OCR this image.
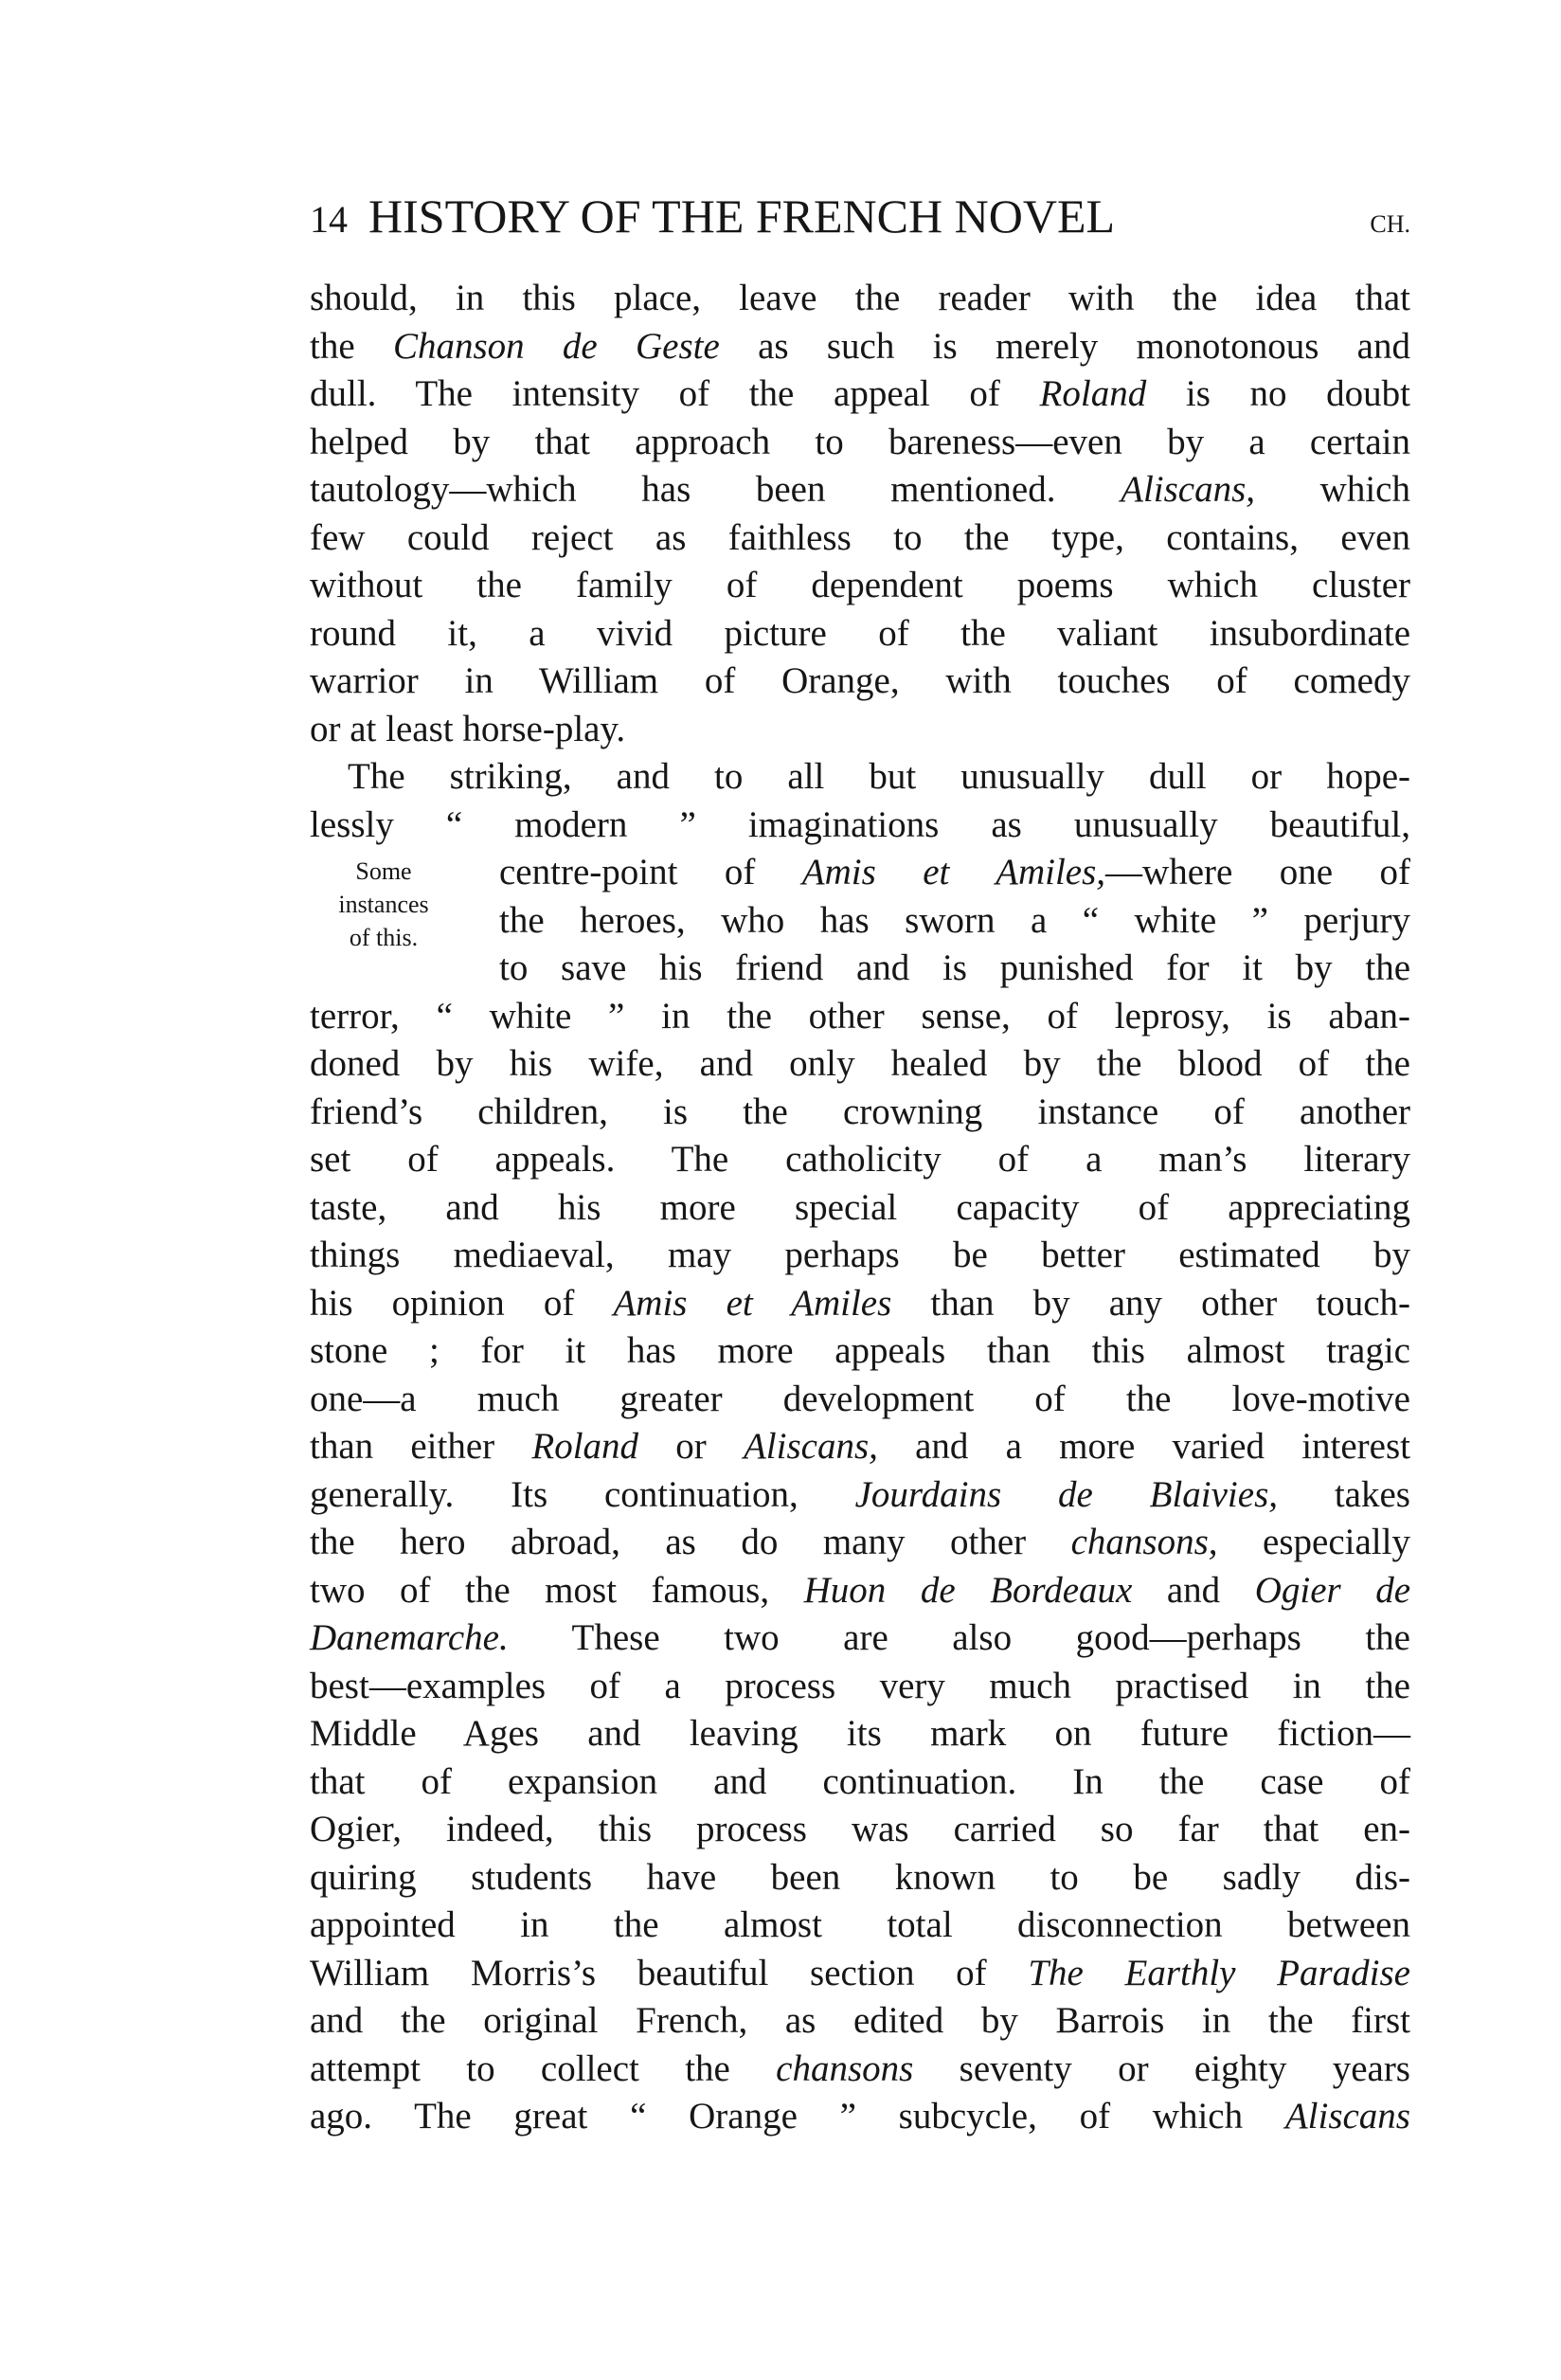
14 HISTORY OF THE FRENCH NOVEL	CH.
Some
instances
of this.
should, in this place, leave the reader with the idea that
the Chanson de Geste as such is merely monotonous and
dull. The intensity of the appeal of Roland is no doubt
helped by that approach to bareness—even by a certain
tautology—which has been mentioned. Aliscans, which
few could reject as faithless to the type, contains, even
without the family of dependent poems which cluster
round it, a vivid picture of the valiant insubordinate
warrior in William of Orange, with touches of comedy
or at least horse-play.
The striking, and to all but unusually dull or hope-
lessly “ modern ” imaginations as unusually beautiful,
centre-point of Amis et Amiles,—where one of
the heroes, who has sworn a “ white ” perjury
to save his friend and is punished for it by the
terror, “ white ” in the other sense, of leprosy, is aban-
doned by his wife, and only healed by the blood of the
friend’s children, is the crowning instance of another
set of appeals. The catholicity of a man’s literary
taste, and his more special capacity of appreciating
things mediaeval, may perhaps be better estimated by
his opinion of Amis et Amiles than by any other touch-
stone ; for it has more appeals than this almost tragic
one—a much greater development of the love-motive
than either Roland or Aliscans, and a more varied interest
generally. Its continuation, Jourdains de Blaivies, takes
the hero abroad, as do many other chansons, especially
two of the most famous, Huon de Bordeaux and Ogier de
Danemarche. These two are also good—perhaps the
best—examples of a process very much practised in the
Middle Ages and leaving its mark on future fiction—
that of expansion and continuation. In the case of
Ogier, indeed, this process was carried so far that en-
quiring students have been known to be sadly dis-
appointed in the almost total disconnection between
William Morris’s beautiful section of The Earthly Paradise
and the original French, as edited by Barrois in the first
attempt to collect the chansons seventy or eighty years
ago. The great “ Orange ” subcycle, of which Aliscans
